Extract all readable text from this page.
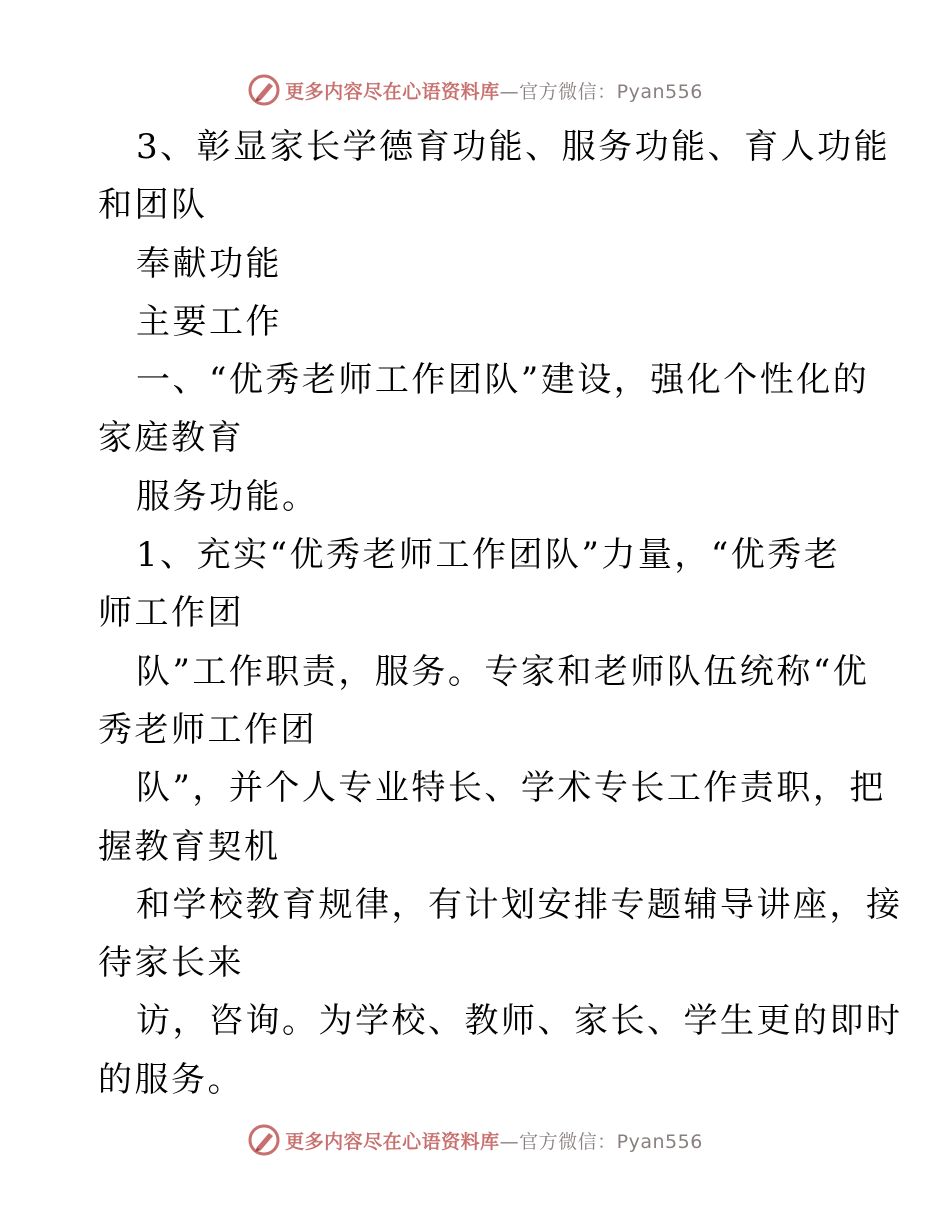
更多内容尽在心语资料库 —官方微信：Pyan556
3、彰显家长学德育功能、服务功能、育人功能
和团队
奉献功能
主要工作
一、“优秀老师工作团队”建设，强化个性化的
家庭教育
服务功能。
1、充实“优秀老师工作团队”力量，“优秀老
师工作团
队”工作职责，服务。专家和老师队伍统称“优
秀老师工作团
队”，并个人专业特长、学术专长工作责职，把
握教育契机
和学校教育规律，有计划安排专题辅导讲座，接
待家长来
访，咨询。为学校、教师、家长、学生更的即时
的服务。
更多内容尽在心语资料库 —官方微信：Pyan556
